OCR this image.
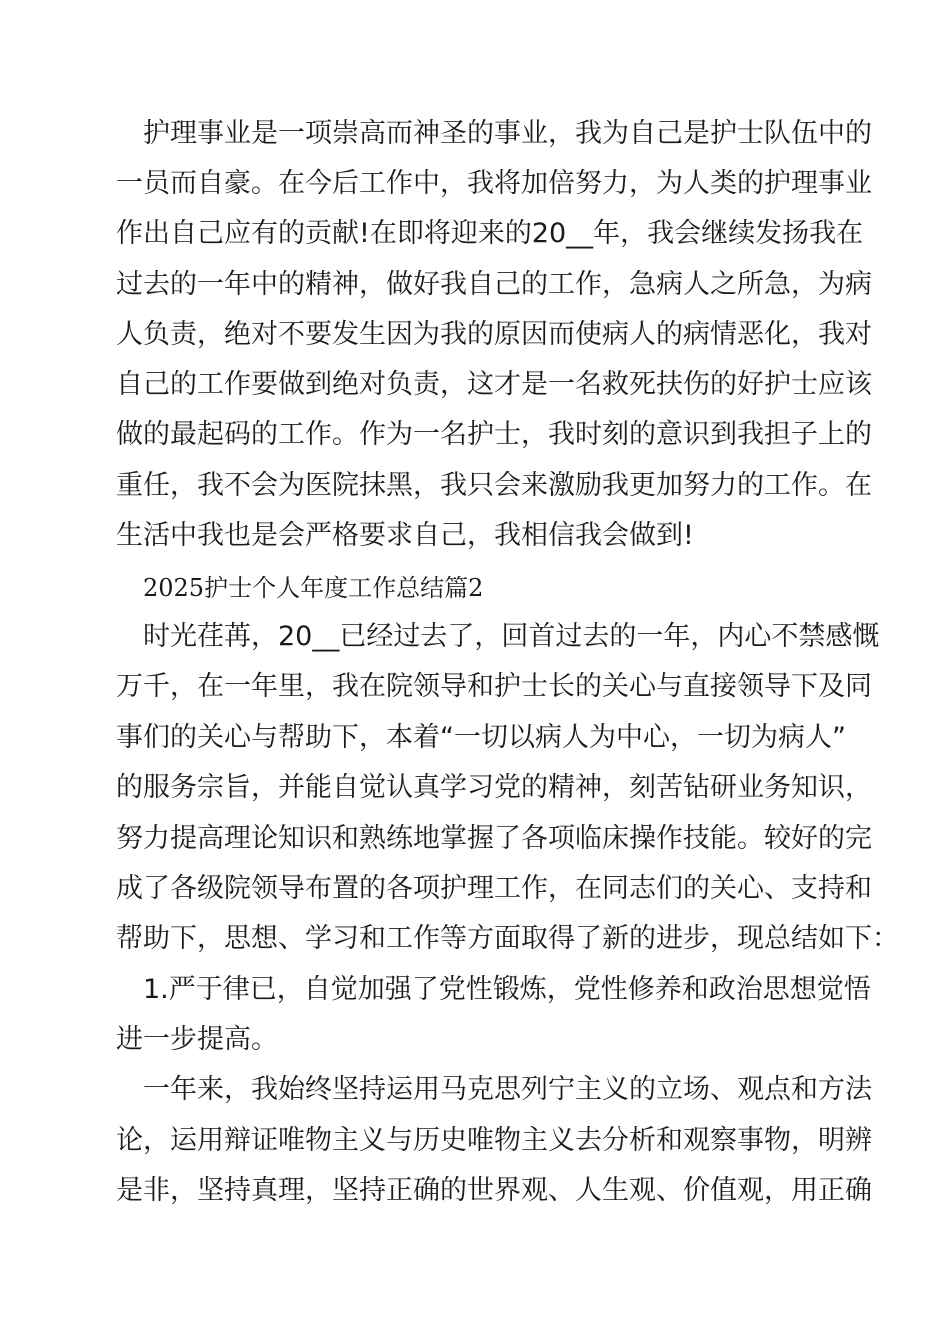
护理事业是一项崇高而神圣的事业，我为自己是护士队伍中的
一员而自豪。在今后工作中，我将加倍努力，为人类的护理事业
作出自己应有的贡献!在即将迎来的20__年，我会继续发扬我在
过去的一年中的精神，做好我自己的工作，急病人之所急，为病
人负责，绝对不要发生因为我的原因而使病人的病情恶化，我对
自己的工作要做到绝对负责，这才是一名救死扶伤的好护士应该
做的最起码的工作。作为一名护士，我时刻的意识到我担子上的
重任，我不会为医院抹黑，我只会来激励我更加努力的工作。在
生活中我也是会严格要求自己，我相信我会做到!
2025护士个人年度工作总结篇2
时光荏苒，20__已经过去了，回首过去的一年，内心不禁感慨
万千，在一年里，我在院领导和护士长的关心与直接领导下及同
事们的关心与帮助下，本着“一切以病人为中心，一切为病人”
的服务宗旨，并能自觉认真学习党的精神，刻苦钻研业务知识，
努力提高理论知识和熟练地掌握了各项临床操作技能。较好的完
成了各级院领导布置的各项护理工作，在同志们的关心、支持和
帮助下，思想、学习和工作等方面取得了新的进步，现总结如下：
1.严于律已，自觉加强了党性锻炼，党性修养和政治思想觉悟
进一步提高。
一年来，我始终坚持运用马克思列宁主义的立场、观点和方法
论，运用辩证唯物主义与历史唯物主义去分析和观察事物，明辨
是非，坚持真理，坚持正确的世界观、人生观、价值观，用正确
